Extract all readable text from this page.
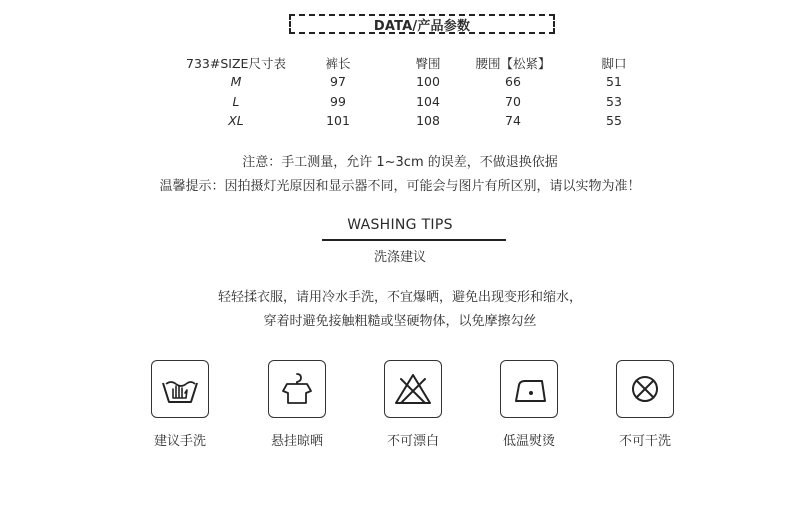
DATA/产品参数
733#SIZE尺寸表	裤长	臀围	腰围【松紧】	脚口
M	97	100	66	51
L	99	104	70	53
XL	101	108	74	55
注意：手工测量，允许 1~3cm 的误差，不做退换依据
温馨提示：因拍摄灯光原因和显示器不同，可能会与图片有所区别，请以实物为准！
WASHING TIPS
洗涤建议
轻轻揉衣服，请用冷水手洗，不宜爆晒，避免出现变形和缩水，
穿着时避免接触粗糙或坚硬物体，以免摩擦勾丝
建议手洗	悬挂晾晒	不可漂白	低温熨烫	不可干洗
